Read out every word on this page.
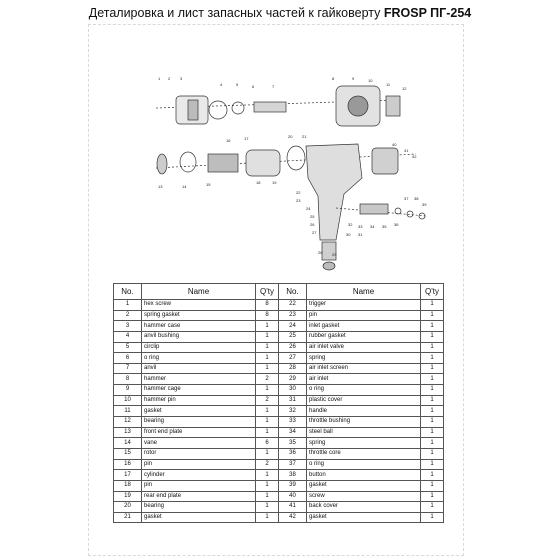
Деталировка и лист запасных частей к гайковерту FROSP ПГ-254
1 2 3
4	5	6	7
8	9	10
11
12
13	14	15
16	17
18	19
20 21
22
23
24
25
26
27
28 29
30 31
32 33 34 35 36
37 38
39
40
41
42
No.	Name	Q'ty	No.	Name	Q'ty
1	hex screw	8	22	trigger	1
2	spring gasket	8	23	pin	1
3	hammer case	1	24	inlet gasket	1
4	anvil bushing	1	25	rubber gasket	1
5	circlip	1	26	air inlet valve	1
6	o ring	1	27	spring	1
7	anvil	1	28	air inlet screen	1
8	hammer	2	29	air inlet	1
9	hammer cage	1	30	o ring	1
10	hammer pin	2	31	plastic cover	1
11	gasket	1	32	handle	1
12	bearing	1	33	throttle bushing	1
13	front end plate	1	34	steel ball	1
14	vane	6	35	spring	1
15	rotor	1	36	throttle core	1
16	pin	2	37	o ring	1
17	cylinder	1	38	button	1
18	pin	1	39	gasket	1
19	rear end plate	1	40	screw	1
20	bearing	1	41	back cover	1
21	gasket	1	42	gasket	1
